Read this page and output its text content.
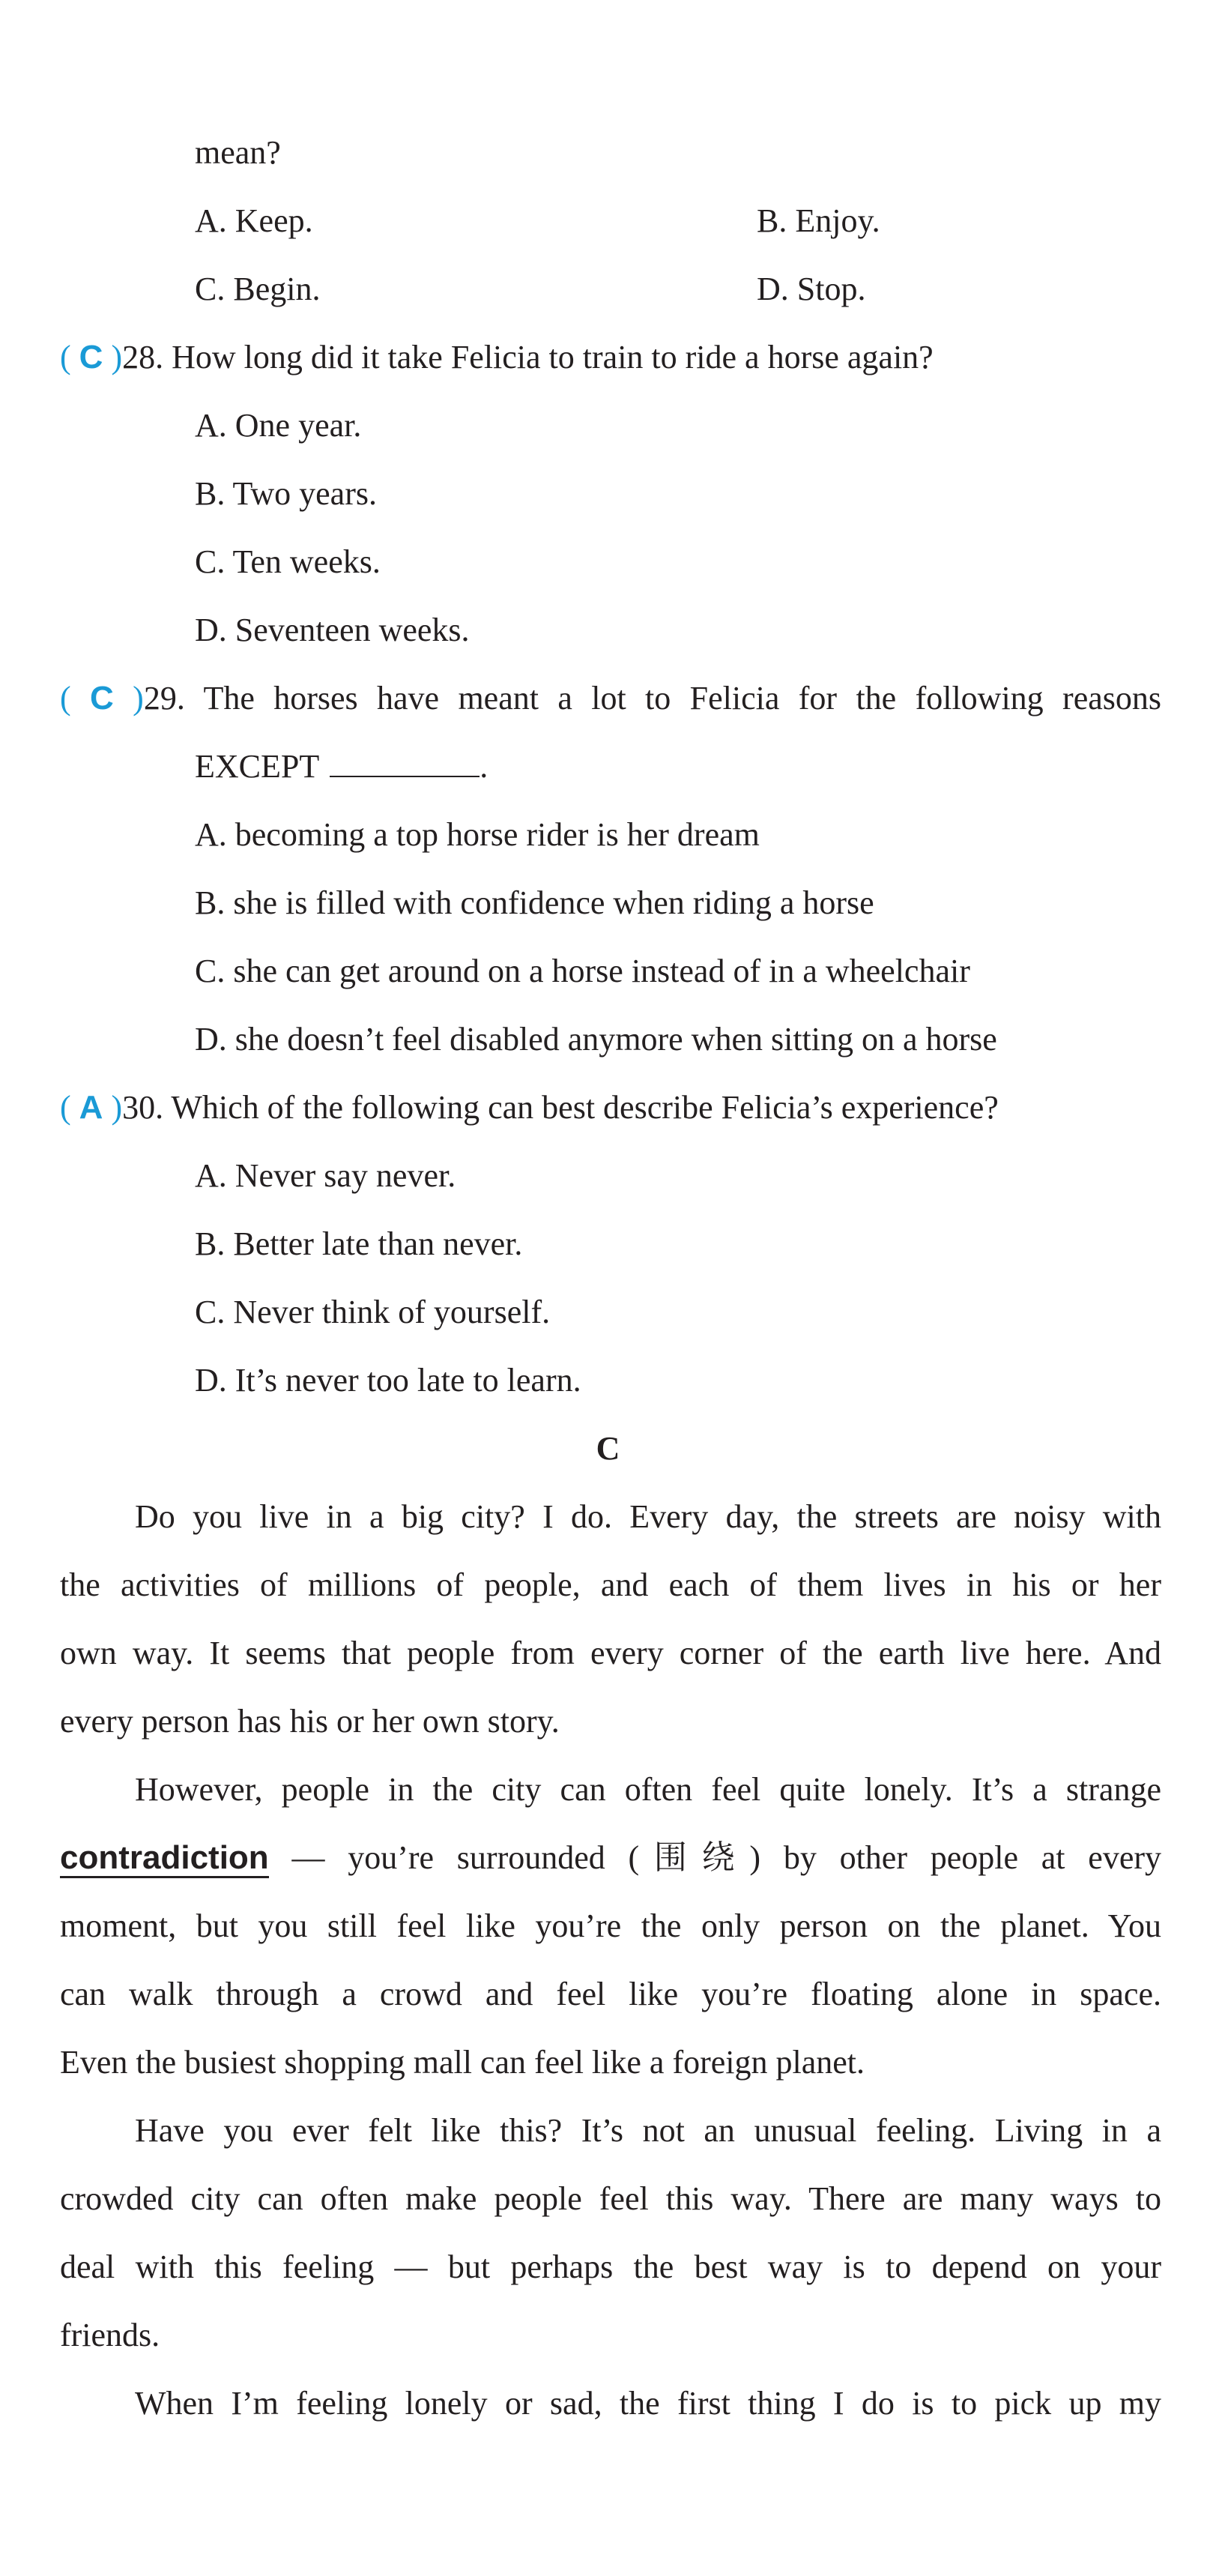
mean?
A. Keep.	B. Enjoy.
C. Begin.	D. Stop.
( C )28. How long did it take Felicia to train to ride a horse again?
A. One year.
B. Two years.
C. Ten weeks.
D. Seventeen weeks.
( C )29. The horses have meant a lot to Felicia for the following reasons
EXCEPT	.
A. becoming a top horse rider is her dream
B. she is filled with confidence when riding a horse
C. she can get around on a horse instead of in a wheelchair
D. she doesn’t feel disabled anymore when sitting on a horse
( A )30. Which of the following can best describe Felicia’s experience?
A. Never say never.
B. Better late than never.
C. Never think of yourself.
D. It’s never too late to learn.
C
Do you live in a big city? I do. Every day, the streets are noisy with
the activities of millions of people, and each of them lives in his or her
own way. It seems that people from every corner of the earth live here. And
every person has his or her own story.
However, people in the city can often feel quite lonely. It’s a strange
contradiction — you’re surrounded (围绕) by other people at every
moment, but you still feel like you’re the only person on the planet. You
can walk through a crowd and feel like you’re floating alone in space.
Even the busiest shopping mall can feel like a foreign planet.
Have you ever felt like this? It’s not an unusual feeling. Living in a
crowded city can often make people feel this way. There are many ways to
deal with this feeling — but perhaps the best way is to depend on your
friends.
When I’m feeling lonely or sad, the first thing I do is to pick up my
